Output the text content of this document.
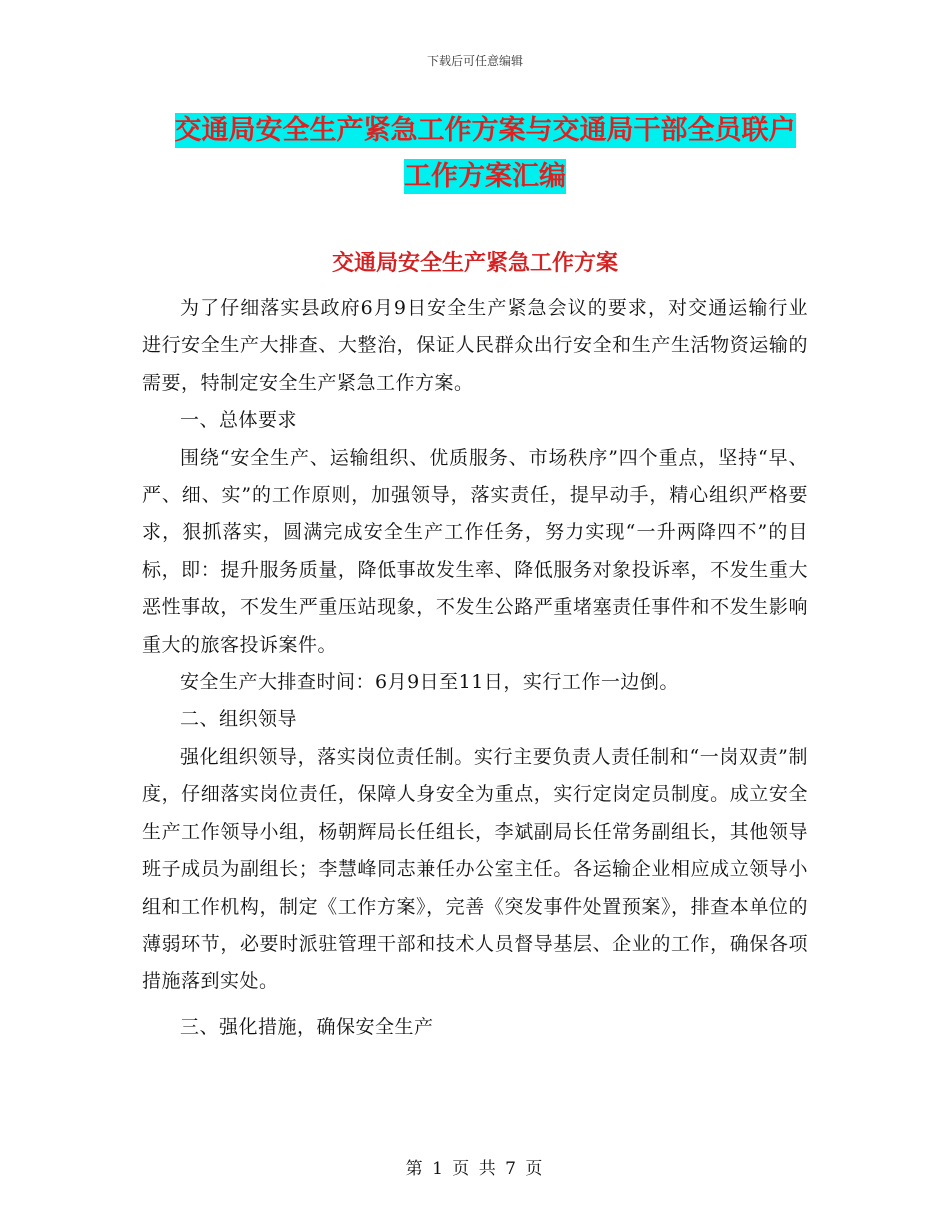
下载后可任意编辑
交通局安全生产紧急工作方案与交通局干部全员联户
工作方案汇编
交通局安全生产紧急工作方案

为了仔细落实县政府6月9日安全生产紧急会议的要求，对交通运输行业进行安全生产大排查、大整治，保证人民群众出行安全和生产生活物资运输的需要，特制定安全生产紧急工作方案。

一、总体要求

围绕“安全生产、运输组织、优质服务、市场秩序”四个重点，坚持“早、严、细、实”的工作原则，加强领导，落实责任，提早动手，精心组织严格要求，狠抓落实，圆满完成安全生产工作任务，努力实现“一升两降四不”的目标，即：提升服务质量，降低事故发生率、降低服务对象投诉率，不发生重大恶性事故，不发生严重压站现象，不发生公路严重堵塞责任事件和不发生影响重大的旅客投诉案件。

安全生产大排查时间：6月9日至11日，实行工作一边倒。

二、组织领导

强化组织领导，落实岗位责任制。实行主要负责人责任制和“一岗双责”制度，仔细落实岗位责任，保障人身安全为重点，实行定岗定员制度。成立安全生产工作领导小组，杨朝辉局长任组长，李斌副局长任常务副组长，其他领导班子成员为副组长；李慧峰同志兼任办公室主任。各运输企业相应成立领导小组和工作机构，制定《工作方案》，完善《突发事件处置预案》，排查本单位的薄弱环节，必要时派驻管理干部和技术人员督导基层、企业的工作，确保各项措施落到实处。

三、强化措施，确保安全生产

第 1 页 共 7 页
